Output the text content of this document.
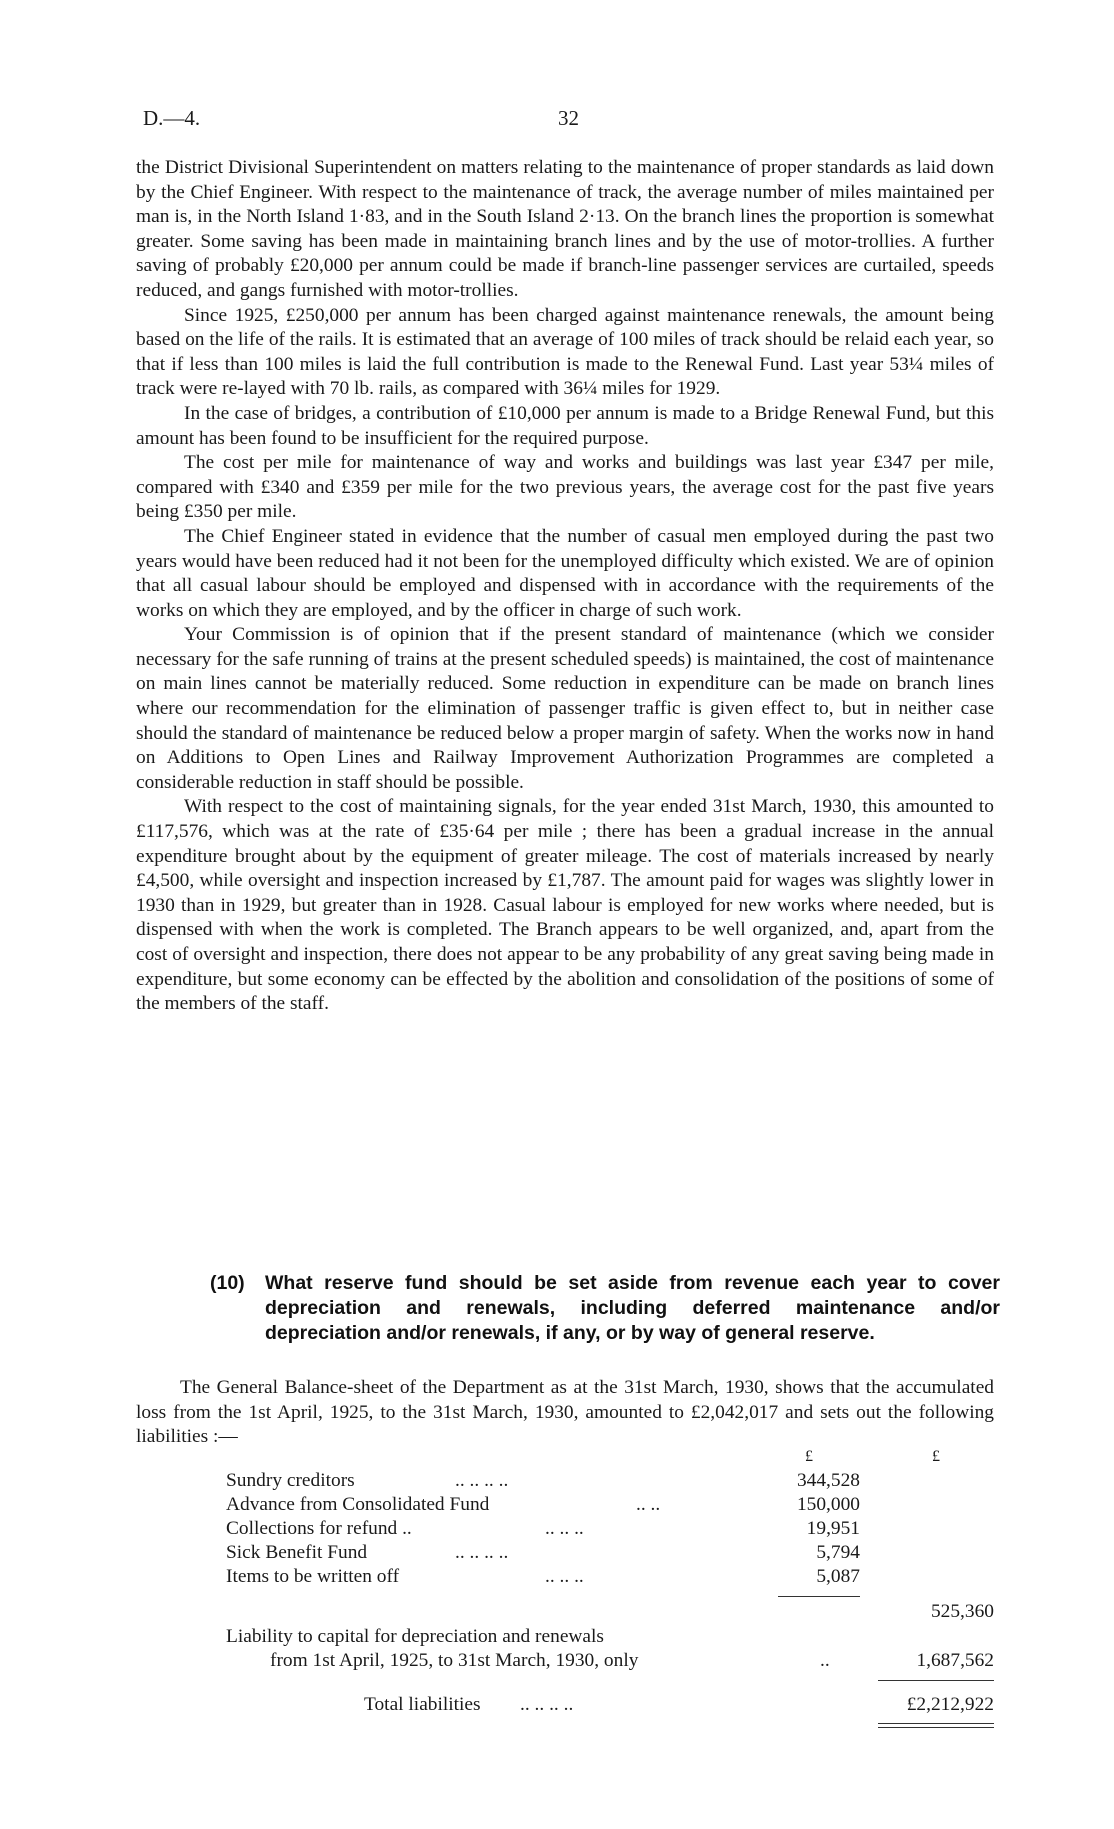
D.—4.	32

the District Divisional Superintendent on matters relating to the maintenance of proper standards as laid down by the Chief Engineer. With respect to the maintenance of track, the average number of miles maintained per man is, in the North Island 1·83, and in the South Island 2·13. On the branch lines the proportion is somewhat greater. Some saving has been made in maintaining branch lines and by the use of motor-trollies. A further saving of probably £20,000 per annum could be made if branch-line passenger services are curtailed, speeds reduced, and gangs furnished with motor-trollies.

Since 1925, £250,000 per annum has been charged against maintenance renewals, the amount being based on the life of the rails. It is estimated that an average of 100 miles of track should be relaid each year, so that if less than 100 miles is laid the full contribution is made to the Renewal Fund. Last year 53¼ miles of track were re-layed with 70 lb. rails, as compared with 36¼ miles for 1929.

In the case of bridges, a contribution of £10,000 per annum is made to a Bridge Renewal Fund, but this amount has been found to be insufficient for the required purpose.

The cost per mile for maintenance of way and works and buildings was last year £347 per mile, compared with £340 and £359 per mile for the two previous years, the average cost for the past five years being £350 per mile.

The Chief Engineer stated in evidence that the number of casual men employed during the past two years would have been reduced had it not been for the unemployed difficulty which existed. We are of opinion that all casual labour should be employed and dispensed with in accordance with the requirements of the works on which they are employed, and by the officer in charge of such work.

Your Commission is of opinion that if the present standard of maintenance (which we consider necessary for the safe running of trains at the present scheduled speeds) is maintained, the cost of maintenance on main lines cannot be materially reduced. Some reduction in expenditure can be made on branch lines where our recommendation for the elimination of passenger traffic is given effect to, but in neither case should the standard of maintenance be reduced below a proper margin of safety. When the works now in hand on Additions to Open Lines and Railway Improvement Authorization Programmes are completed a considerable reduction in staff should be possible.

With respect to the cost of maintaining signals, for the year ended 31st March, 1930, this amounted to £117,576, which was at the rate of £35·64 per mile ; there has been a gradual increase in the annual expenditure brought about by the equipment of greater mileage. The cost of materials increased by nearly £4,500, while oversight and inspection increased by £1,787. The amount paid for wages was slightly lower in 1930 than in 1929, but greater than in 1928. Casual labour is employed for new works where needed, but is dispensed with when the work is completed. The Branch appears to be well organized, and, apart from the cost of oversight and inspection, there does not appear to be any probability of any great saving being made in expenditure, but some economy can be effected by the abolition and consolidation of the positions of some of the members of the staff.

(10) What reserve fund should be set aside from revenue each year to cover depreciation and renewals, including deferred maintenance and/or depreciation and/or renewals, if any, or by way of general reserve.

The General Balance-sheet of the Department as at the 31st March, 1930, shows that the accumulated loss from the 1st April, 1925, to the 31st March, 1930, amounted to £2,042,017 and sets out the following liabilities :—

£	£
Sundry creditors	.. .. .. ..	344,528
Advance from Consolidated Fund	.. ..	150,000
Collections for refund ..	.. .. ..	19,951
Sick Benefit Fund	.. .. .. ..	5,794
Items to be written off	.. .. ..	5,087
525,360
Liability to capital for depreciation and renewals
from 1st April, 1925, to 31st March, 1930, only	..	1,687,562
Total liabilities .. .. .. ..	£2,212,922
